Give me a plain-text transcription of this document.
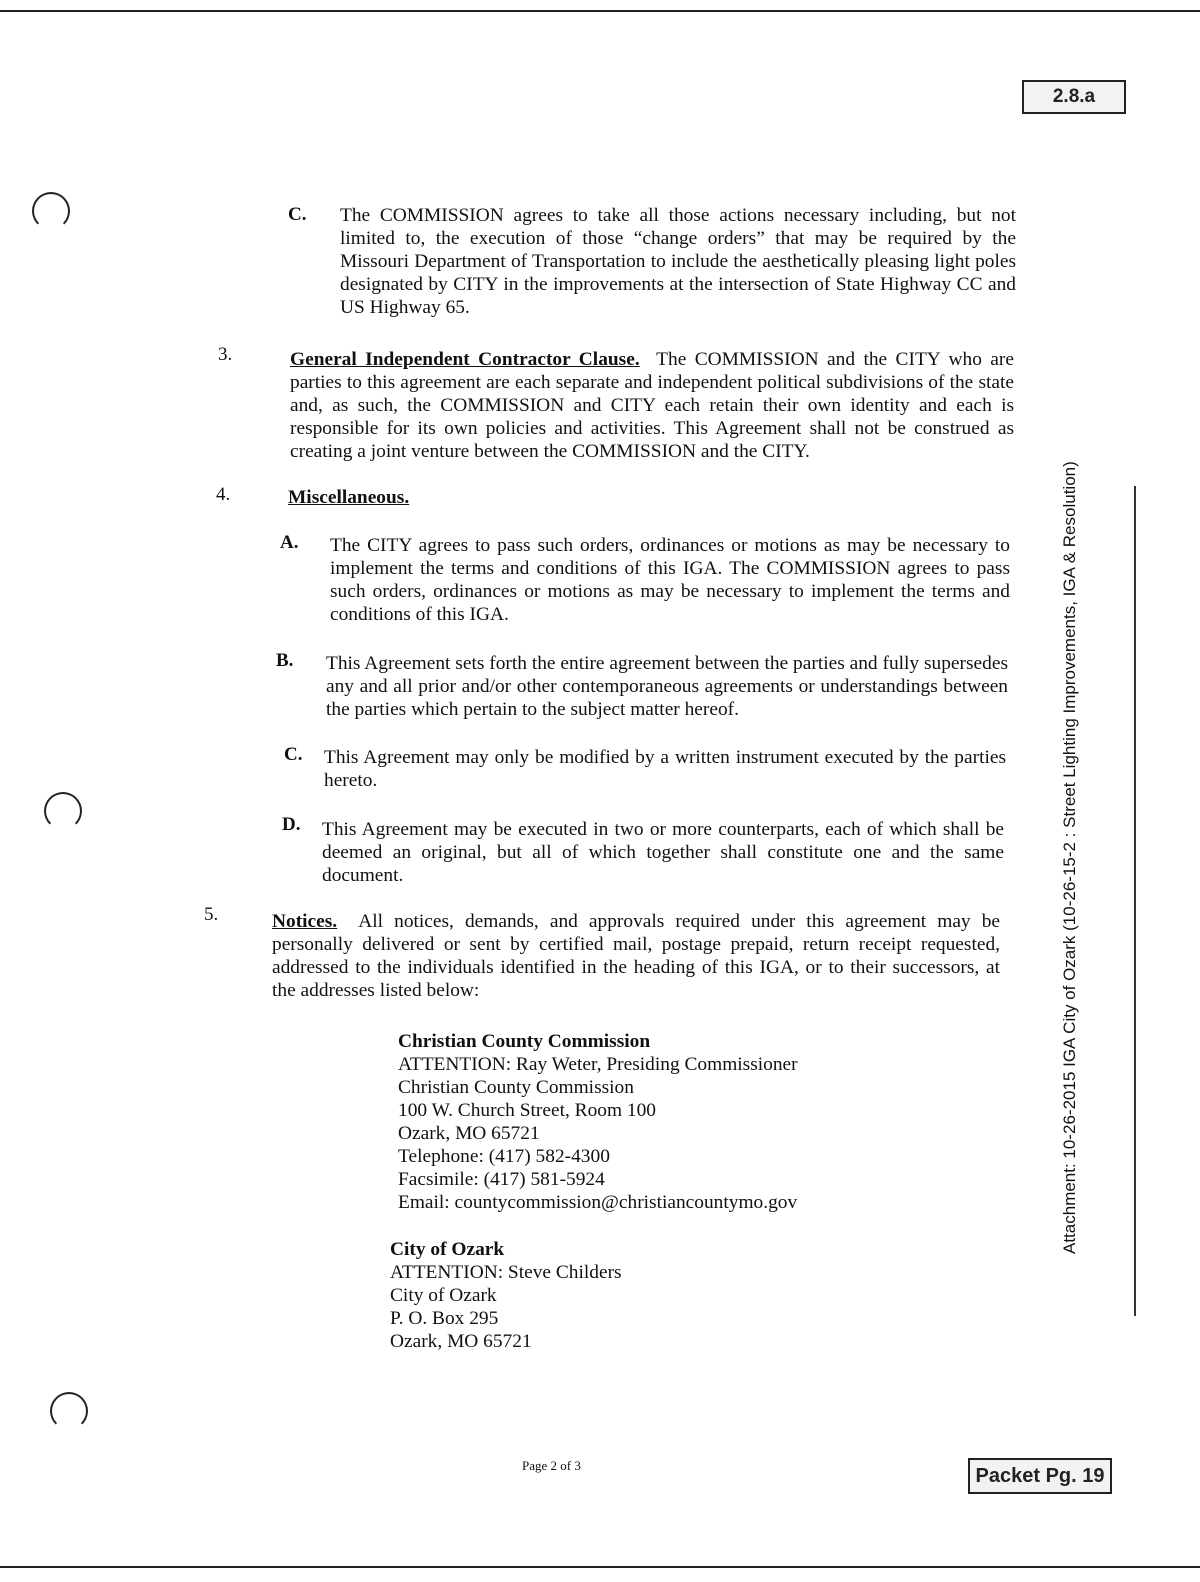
2.8.a
Attachment: 10-26-2015 IGA City of Ozark (10-26-15-2 : Street Lighting Improvements, IGA & Resolution)
C. The COMMISSION agrees to take all those actions necessary including, but not limited to, the execution of those “change orders” that may be required by the Missouri Department of Transportation to include the aesthetically pleasing light poles designated by CITY in the improvements at the intersection of State Highway CC and US Highway 65.
3.	General Independent Contractor Clause. The COMMISSION and the CITY who are parties to this agreement are each separate and independent political subdivisions of the state and, as such, the COMMISSION and CITY each retain their own identity and each is responsible for its own policies and activities. This Agreement shall not be construed as creating a joint venture between the COMMISSION and the CITY.
4.	Miscellaneous.
A. The CITY agrees to pass such orders, ordinances or motions as may be necessary to implement the terms and conditions of this IGA. The COMMISSION agrees to pass such orders, ordinances or motions as may be necessary to implement the terms and conditions of this IGA.
B. This Agreement sets forth the entire agreement between the parties and fully supersedes any and all prior and/or other contemporaneous agreements or understandings between the parties which pertain to the subject matter hereof.
C. This Agreement may only be modified by a written instrument executed by the parties hereto.
D. This Agreement may be executed in two or more counterparts, each of which shall be deemed an original, but all of which together shall constitute one and the same document.
5.	Notices. All notices, demands, and approvals required under this agreement may be personally delivered or sent by certified mail, postage prepaid, return receipt requested, addressed to the individuals identified in the heading of this IGA, or to their successors, at the addresses listed below:
Christian County Commission
ATTENTION: Ray Weter, Presiding Commissioner
Christian County Commission
100 W. Church Street, Room 100
Ozark, MO 65721
Telephone: (417) 582-4300
Facsimile: (417) 581-5924
Email: countycommission@christiancountymo.gov
City of Ozark
ATTENTION: Steve Childers
City of Ozark
P. O. Box 295
Ozark, MO 65721
Page 2 of 3	Packet Pg. 19
